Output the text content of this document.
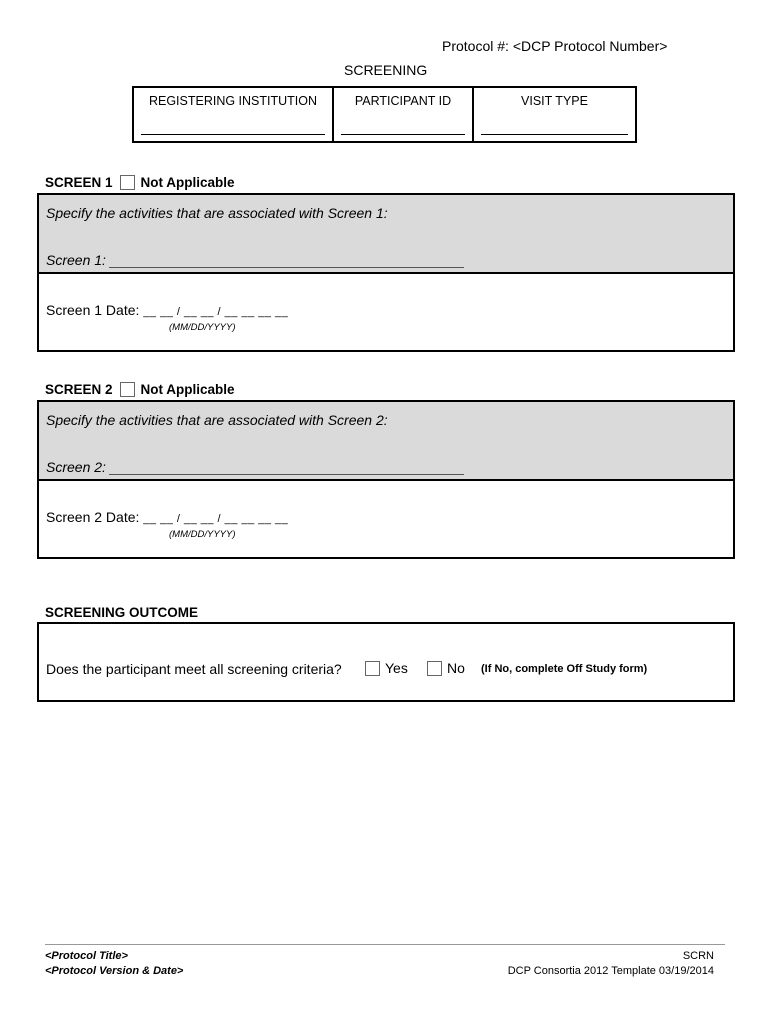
Protocol #: <DCP Protocol Number>
SCREENING
REGISTERING INSTITUTION	PARTICIPANT ID	VISIT TYPE
SCREEN 1 Not Applicable
Specify the activities that are associated with Screen 1:
Screen 1:
Screen 1 Date: __ __ / __ __ / __ __ __ __
(MM/DD/YYYY)
SCREEN 2 Not Applicable
Specify the activities that are associated with Screen 2:
Screen 2:
Screen 2 Date: __ __ / __ __ / __ __ __ __
(MM/DD/YYYY)
SCREENING OUTCOME
Does the participant meet all screening criteria?	Yes	No (If No, complete Off Study form)
<Protocol Title>
<Protocol Version & Date>
SCRN
DCP Consortia 2012 Template 03/19/2014
